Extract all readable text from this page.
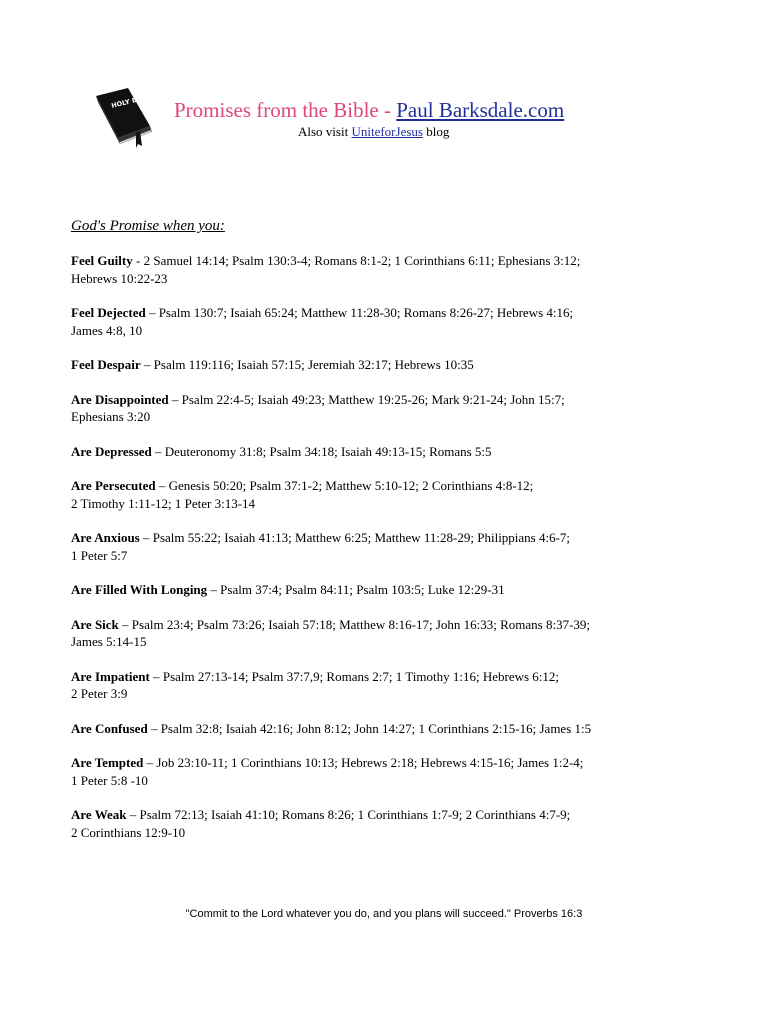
HOLY BIBLE Promises from the Bible - Paul Barksdale.com
Also visit UniteforJesus blog
God's Promise when you:

Feel Guilty - 2 Samuel 14:14; Psalm 130:3-4; Romans 8:1-2; 1 Corinthians 6:11; Ephesians 3:12;
Hebrews 10:22-23

Feel Dejected – Psalm 130:7; Isaiah 65:24; Matthew 11:28-30; Romans 8:26-27; Hebrews 4:16;
James 4:8, 10

Feel Despair – Psalm 119:116; Isaiah 57:15; Jeremiah 32:17; Hebrews 10:35

Are Disappointed – Psalm 22:4-5; Isaiah 49:23; Matthew 19:25-26; Mark 9:21-24; John 15:7;
Ephesians 3:20

Are Depressed – Deuteronomy 31:8; Psalm 34:18; Isaiah 49:13-15; Romans 5:5

Are Persecuted – Genesis 50:20; Psalm 37:1-2; Matthew 5:10-12; 2 Corinthians 4:8-12;
2 Timothy 1:11-12; 1 Peter 3:13-14

Are Anxious – Psalm 55:22; Isaiah 41:13; Matthew 6:25; Matthew 11:28-29; Philippians 4:6-7;
1 Peter 5:7

Are Filled With Longing – Psalm 37:4; Psalm 84:11; Psalm 103:5; Luke 12:29-31

Are Sick – Psalm 23:4; Psalm 73:26; Isaiah 57:18; Matthew 8:16-17; John 16:33; Romans 8:37-39;
James 5:14-15

Are Impatient – Psalm 27:13-14; Psalm 37:7,9; Romans 2:7; 1 Timothy 1:16; Hebrews 6:12;
2 Peter 3:9

Are Confused – Psalm 32:8; Isaiah 42:16; John 8:12; John 14:27; 1 Corinthians 2:15-16; James 1:5

Are Tempted – Job 23:10-11; 1 Corinthians 10:13; Hebrews 2:18; Hebrews 4:15-16; James 1:2-4;
1 Peter 5:8 -10

Are Weak – Psalm 72:13; Isaiah 41:10; Romans 8:26; 1 Corinthians 1:7-9; 2 Corinthians 4:7-9;
2 Corinthians 12:9-10

"Commit to the Lord whatever you do, and you plans will succeed." Proverbs 16:3
